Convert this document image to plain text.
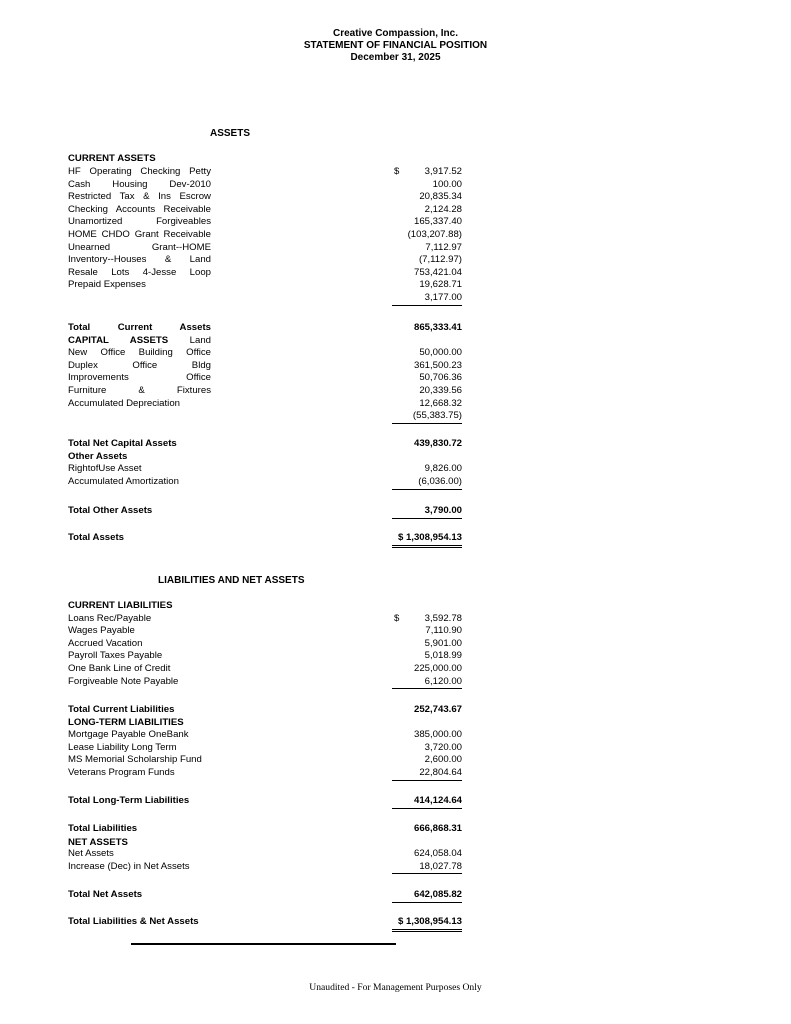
Creative Compassion, Inc.
STATEMENT OF FINANCIAL POSITION
December 31, 2025
ASSETS
CURRENT ASSETS
HF Operating Checking Petty	$	3,917.52
Cash Housing Dev-2010	100.00
Restricted Tax & Ins Escrow	20,835.34
Checking Accounts Receivable	2,124.28
Unamortized Forgiveables	165,337.40
HOME CHDO Grant Receivable	(103,207.88)
Unearned Grant--HOME	7,112.97
Inventory--Houses & Land	(7,112.97)
Resale Lots 4-Jesse Loop	753,421.04
Prepaid Expenses	19,628.71
3,177.00
Total Current Assets	865,333.41
CAPITAL ASSETS Land
New Office Building Office	50,000.00
Duplex Office Bldg	361,500.23
Improvements Office	50,706.36
Furniture & Fixtures	20,339.56
Accumulated Depreciation	12,668.32
(55,383.75)
Total Net Capital Assets	439,830.72
Other Assets
RightofUse Asset	9,826.00
Accumulated Amortization	(6,036.00)
Total Other Assets	3,790.00
Total Assets	$ 1,308,954.13
LIABILITIES AND NET ASSETS
CURRENT LIABILITIES
Loans Rec/Payable	$	3,592.78
Wages Payable	7,110.90
Accrued Vacation	5,901.00
Payroll Taxes Payable	5,018.99
One Bank Line of Credit	225,000.00
Forgiveable Note Payable	6,120.00
Total Current Liabilities	252,743.67
LONG-TERM LIABILITIES
Mortgage Payable OneBank	385,000.00
Lease Liability Long Term	3,720.00
MS Memorial Scholarship Fund	2,600.00
Veterans Program Funds	22,804.64
Total Long-Term Liabilities	414,124.64
Total Liabilities	666,868.31
NET ASSETS
Net Assets	624,058.04
Increase (Dec) in Net Assets	18,027.78
Total Net Assets	642,085.82
Total Liabilities & Net Assets	$ 1,308,954.13
Unaudited - For Management Purposes Only
